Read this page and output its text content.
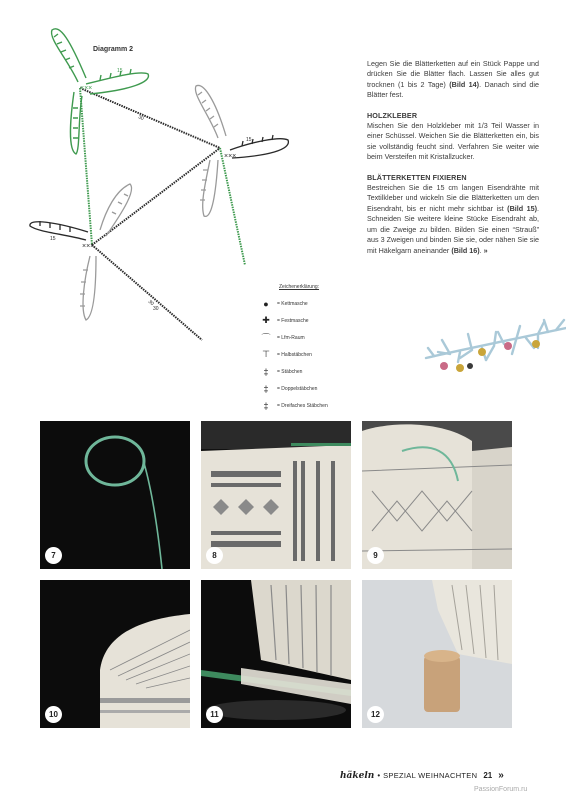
×××
×××
×××
30
15
15
30
15
30
Diagramm 2
Zeichenerklärung:
●	= Kettmasche
✚	= Festmasche
⌒	= Lfm-Raum
⊤	= Halbstäbchen
‡	= Stäbchen
‡	= Doppelstäbchen
‡	= Dreifaches Stäbchen

Legen Sie die Blätterketten auf ein Stück Pappe und drücken Sie die Blätter flach. Lassen Sie alles gut trocknen (1 bis 2 Tage) (Bild 14). Danach sind die Blätter fest.

HOLZKLEBER

Mischen Sie den Holzkleber mit 1/3 Teil Wasser in einer Schüssel. Weichen Sie die Blätterketten ein, bis sie vollständig feucht sind. Verfahren Sie weiter wie beim Versteifen mit Kristallzucker.

BLÄTTERKETTEN FIXIEREN

Bestreichen Sie die 15 cm langen Eisendrähte mit Textilkleber und wickeln Sie die Blätterketten um den Eisendraht, bis er nicht mehr sichtbar ist (Bild 15). Schneiden Sie weitere kleine Stücke Eisendraht ab, um die Zweige zu bilden. Bilden Sie einen “Strauß” aus 3 Zweigen und binden Sie sie, oder nähen Sie sie mit Häkelgarn aneinander (Bild 16). »

7	8	9
10	11	12
häkeln • SPEZIAL WEIHNACHTEN 21 »
PassionForum.ru
